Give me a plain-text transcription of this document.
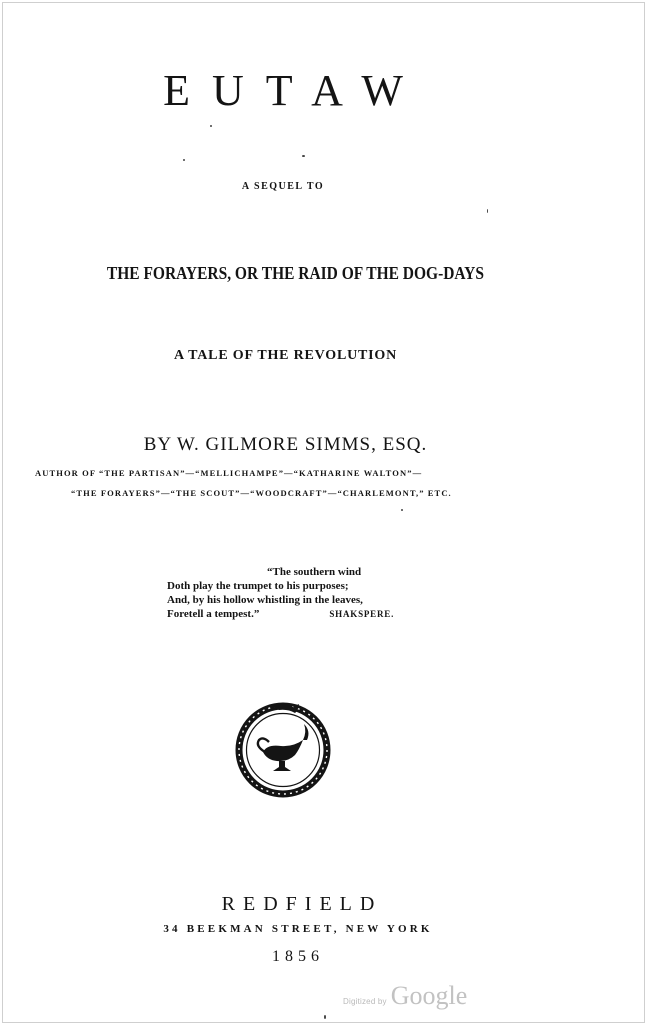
EUTAW
A SEQUEL TO
THE FORAYERS, OR THE RAID OF THE DOG-DAYS
A TALE OF THE REVOLUTION
BY W. GILMORE SIMMS, ESQ.
AUTHOR OF “THE PARTISAN”—“MELLICHAMPE”—“KATHARINE WALTON”—
“THE FORAYERS”—“THE SCOUT”—“WOODCRAFT”—“CHARLEMONT,” ETC.
“The southern wind
Doth play the trumpet to his purposes;
And, by his hollow whistling in the leaves,
Foretell a tempest.”	SHAKSPERE.
REDFIELD
34 BEEKMAN STREET, NEW YORK
1856
Digitized by Google
